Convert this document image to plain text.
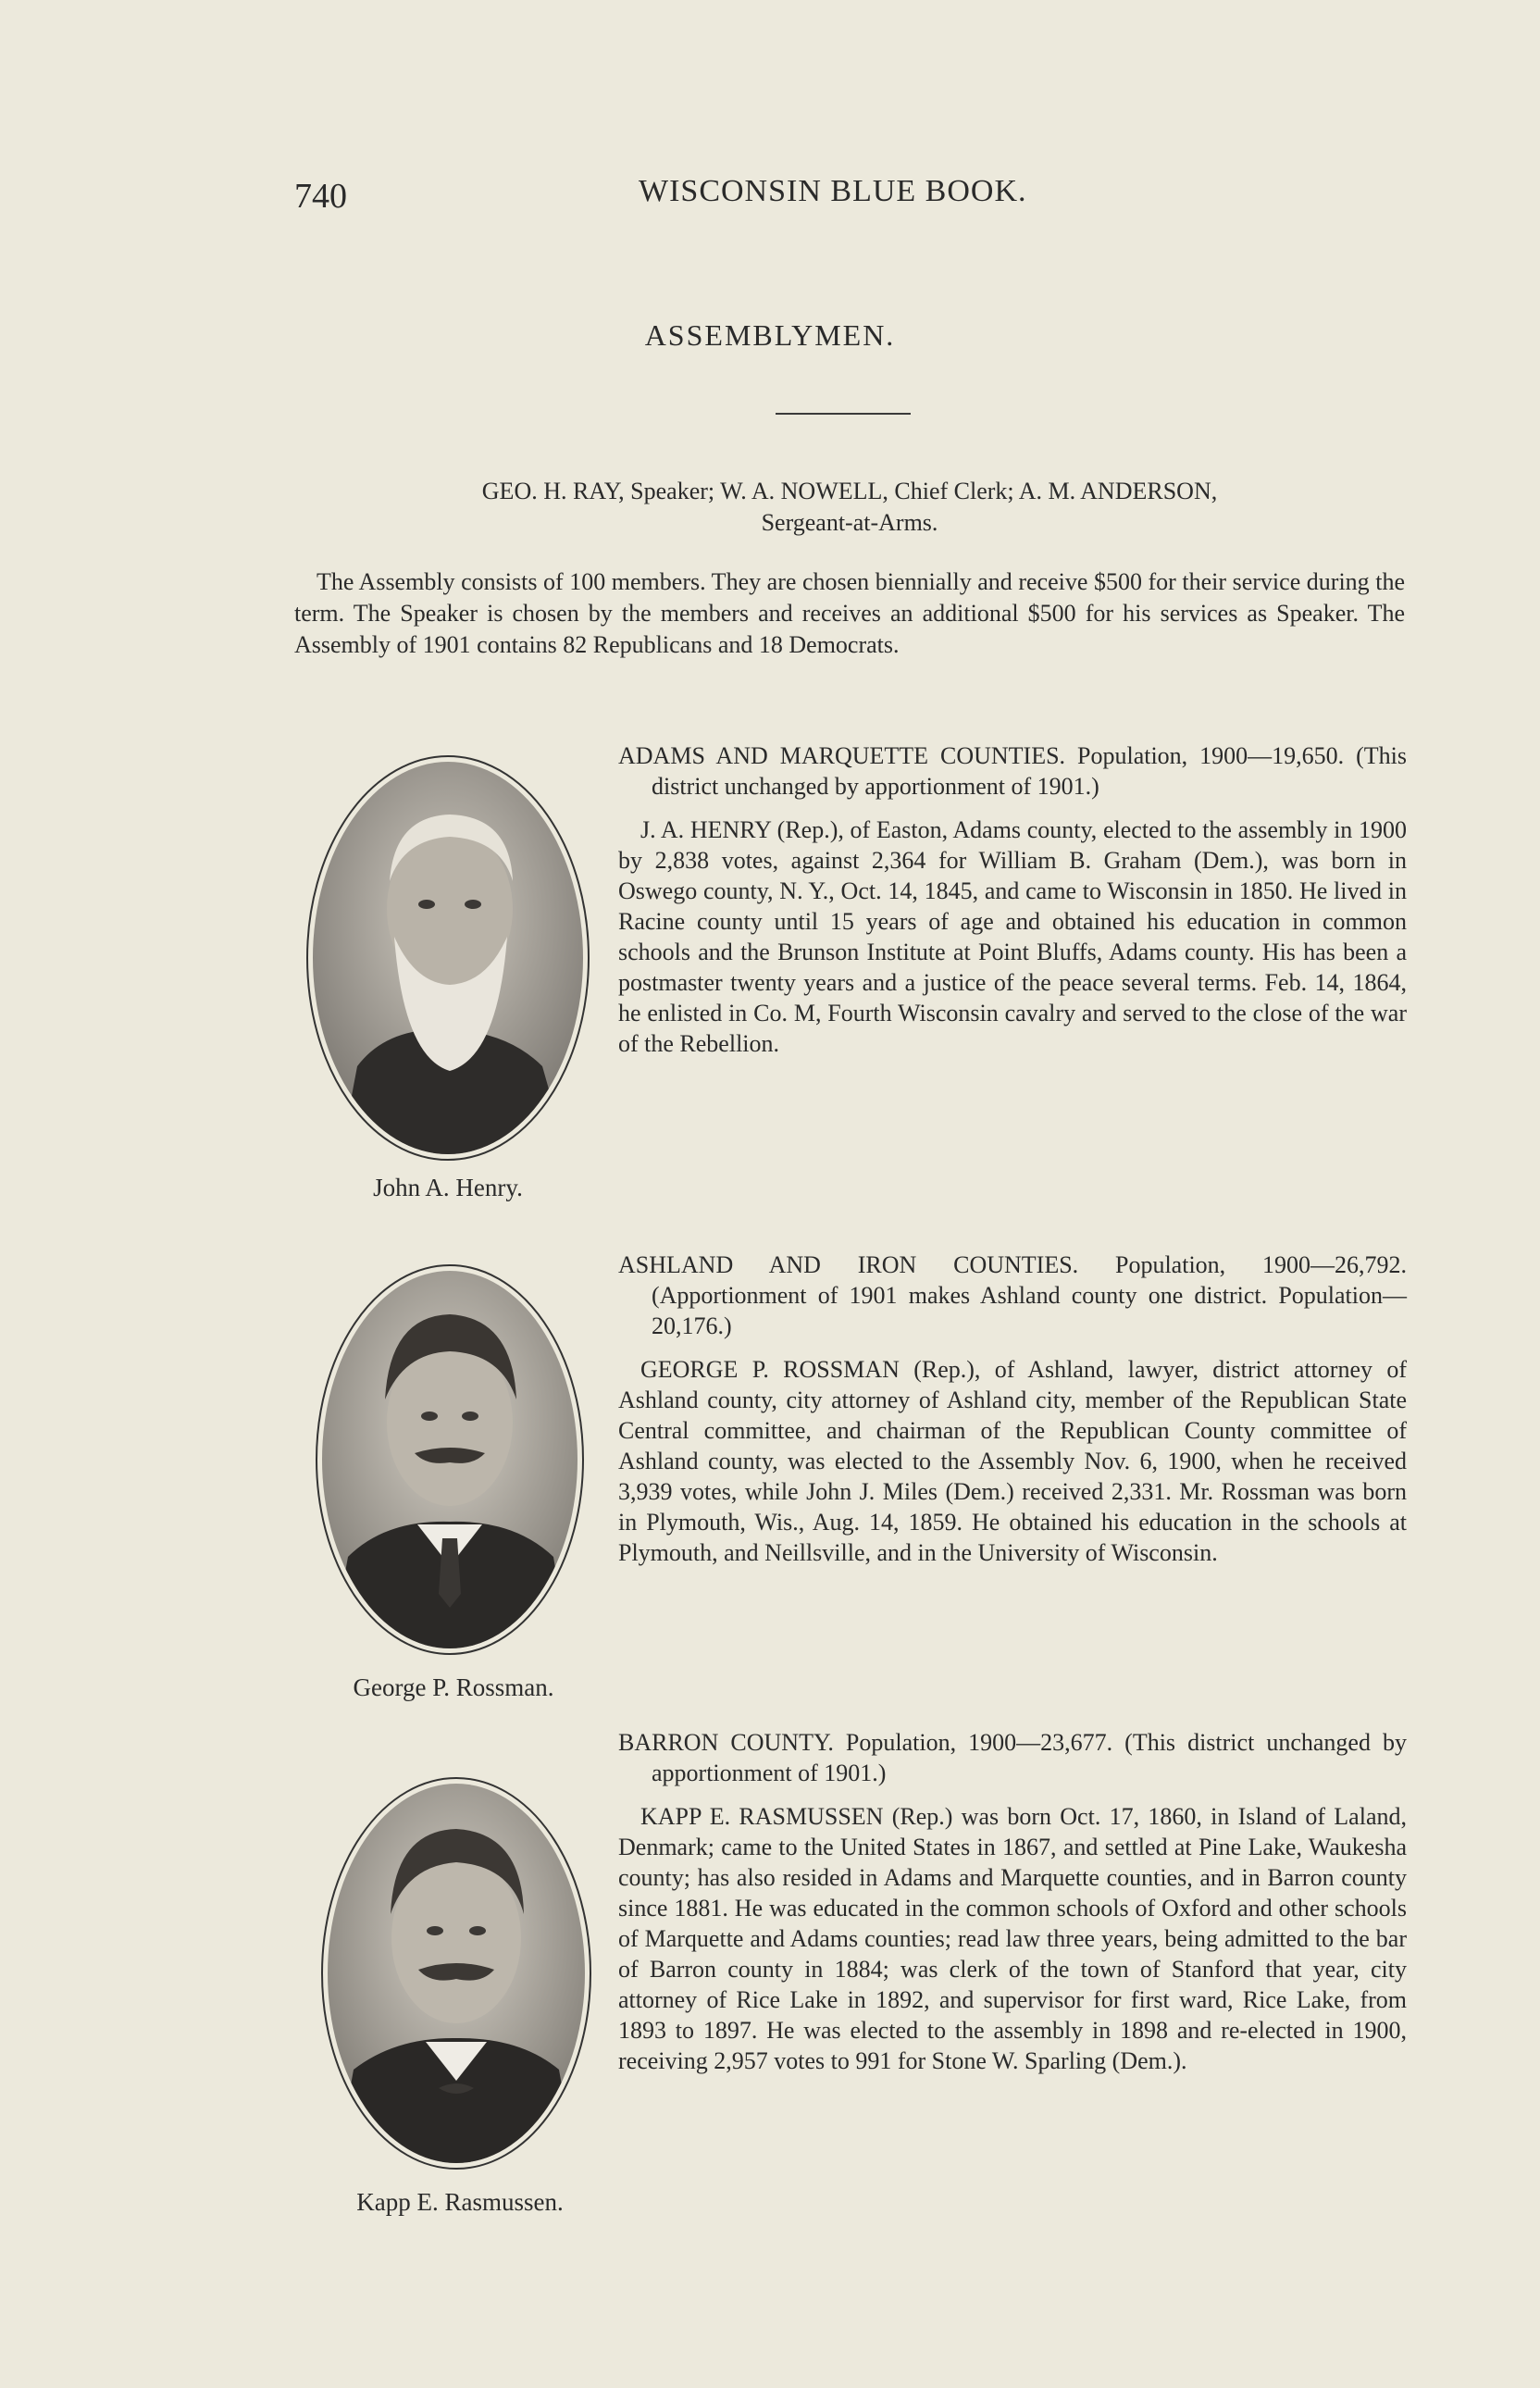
740	WISCONSIN BLUE BOOK.
ASSEMBLYMEN.
GEO. H. RAY, Speaker; W. A. NOWELL, Chief Clerk; A. M. ANDERSON,
Sergeant-at-Arms.

The Assembly consists of 100 members. They are chosen biennially and receive $500 for their service during the term. The Speaker is chosen by the members and receives an additional $500 for his services as Speaker. The Assembly of 1901 contains 82 Republicans and 18 Democrats.

John A. Henry.
ADAMS AND MARQUETTE COUNTIES. Population, 1900—19,650. (This district unchanged by apportionment of 1901.)
J. A. HENRY (Rep.), of Easton, Adams county, elected to the assembly in 1900 by 2,838 votes, against 2,364 for William B. Graham (Dem.), was born in Oswego county, N. Y., Oct. 14, 1845, and came to Wisconsin in 1850. He lived in Racine county until 15 years of age and obtained his education in common schools and the Brunson Institute at Point Bluffs, Adams county. His has been a postmaster twenty years and a justice of the peace several terms. Feb. 14, 1864, he enlisted in Co. M, Fourth Wisconsin cavalry and served to the close of the war of the Rebellion.
George P. Rossman.
ASHLAND AND IRON COUNTIES. Population, 1900—26,792. (Apportionment of 1901 makes Ashland county one district. Population—20,176.)
GEORGE P. ROSSMAN (Rep.), of Ashland, lawyer, district attorney of Ashland county, city attorney of Ashland city, member of the Republican State Central committee, and chairman of the Republican County committee of Ashland county, was elected to the Assembly Nov. 6, 1900, when he received 3,939 votes, while John J. Miles (Dem.) received 2,331. Mr. Rossman was born in Plymouth, Wis., Aug. 14, 1859. He obtained his education in the schools at Plymouth, and Neillsville, and in the University of Wisconsin.
Kapp E. Rasmussen.
BARRON COUNTY. Population, 1900—23,677. (This district unchanged by apportionment of 1901.)
KAPP E. RASMUSSEN (Rep.) was born Oct. 17, 1860, in Island of Laland, Denmark; came to the United States in 1867, and settled at Pine Lake, Waukesha county; has also resided in Adams and Marquette counties, and in Barron county since 1881. He was educated in the common schools of Oxford and other schools of Marquette and Adams counties; read law three years, being admitted to the bar of Barron county in 1884; was clerk of the town of Stanford that year, city attorney of Rice Lake in 1892, and supervisor for first ward, Rice Lake, from 1893 to 1897. He was elected to the assembly in 1898 and re-elected in 1900, receiving 2,957 votes to 991 for Stone W. Sparling (Dem.).
